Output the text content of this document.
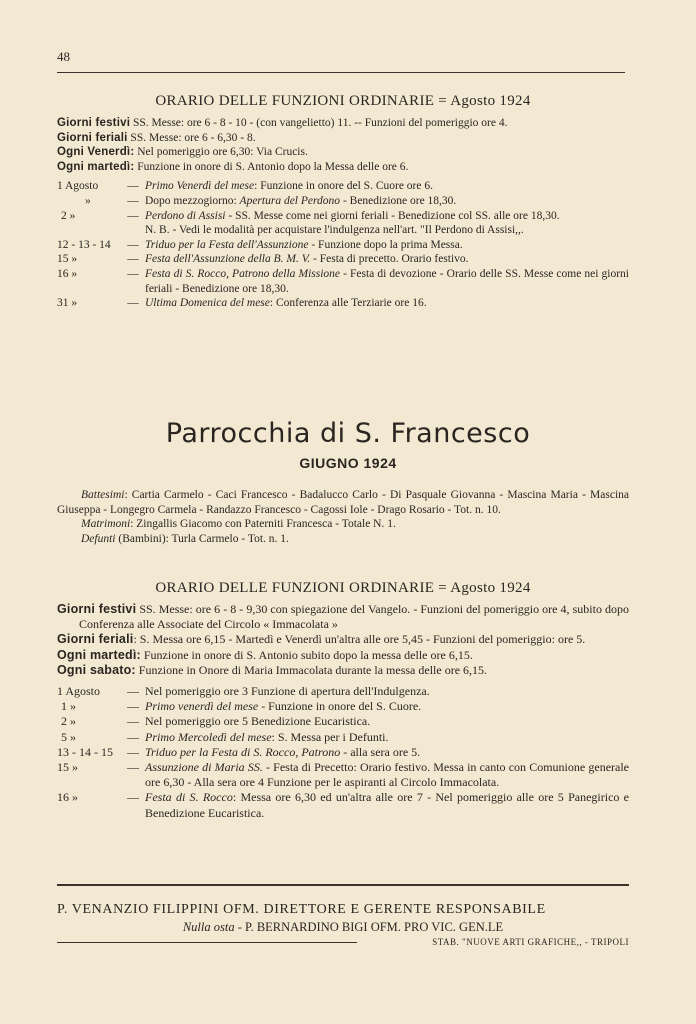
48
ORARIO DELLE FUNZIONI ORDINARIE = Agosto 1924

Giorni festivi SS. Messe: ore 6 - 8 - 10 - (con vangelietto) 11. -- Funzioni del pomeriggio ore 4.

Giorni feriali SS. Messe: ore 6 - 6,30 - 8.

Ogni Venerdì: Nel pomeriggio ore 6,30: Via Crucis.

Ogni martedì: Funzione in onore di S. Antonio dopo la Messa delle ore 6.

1 Agosto	—	Primo Venerdì del mese: Funzione in onore del S. Cuore ore 6.
»	—	Dopo mezzogiorno: Apertura del Perdono - Benedizione ore 18,30.
2 »	—	Perdono di Assisi - SS. Messe come nei giorni feriali - Benedizione col SS. alle ore 18,30.
		N. B. - Vedi le modalità per acquistare l'indulgenza nell'art. "Il Perdono di Assisi,,.
12 - 13 - 14	—	Triduo per la Festa dell'Assunzione - Funzione dopo la prima Messa.
15 »	—	Festa dell'Assunzione della B. M. V. - Festa di precetto. Orario festivo.
16 »	—	Festa di S. Rocco, Patrono della Missione - Festa di devozione - Orario delle SS. Messe come nei giorni feriali - Benedizione ore 18,30.
31 »	—	Ultima Domenica del mese: Conferenza alle Terziarie ore 16.
Parrocchia di S. Francesco
GIUGNO 1924

Battesimi: Cartia Carmelo - Caci Francesco - Badalucco Carlo - Di Pasquale Giovanna - Mascina Maria - Mascina Giuseppa - Longegro Carmela - Randazzo Francesco - Cagossi Iole - Drago Rosario - Tot. n. 10.

Matrimoni: Zingallis Giacomo con Paterniti Francesca - Totale N. 1.

Defunti (Bambini): Turla Carmelo - Tot. n. 1.

ORARIO DELLE FUNZIONI ORDINARIE = Agosto 1924

Giorni festivi SS. Messe: ore 6 - 8 - 9,30 con spiegazione del Vangelo. - Funzioni del pomeriggio ore 4, subito dopo Conferenza alle Associate del Circolo « Immacolata »

Giorni feriali: S. Messa ore 6,15 - Martedì e Venerdì un'altra alle ore 5,45 - Funzioni del pomeriggio: ore 5.

Ogni martedì: Funzione in onore di S. Antonio subito dopo la messa delle ore 6,15.

Ogni sabato: Funzione in Onore di Maria Immacolata durante la messa delle ore 6,15.

1 Agosto	—	Nel pomeriggio ore 3 Funzione di apertura dell'Indulgenza.
1 »	—	Primo venerdì del mese - Funzione in onore del S. Cuore.
2 »	—	Nel pomeriggio ore 5 Benedizione Eucaristica.
5 »	—	Primo Mercoledì del mese: S. Messa per i Defunti.
13 - 14 - 15	—	Triduo per la Festa di S. Rocco, Patrono - alla sera ore 5.
15 »	—	Assunzione di Maria SS. - Festa di Precetto: Orario festivo. Messa in canto con Comunione generale ore 6,30 - Alla sera ore 4 Funzione per le aspiranti al Circolo Immacolata.
16 »	—	Festa di S. Rocco: Messa ore 6,30 ed un'altra alle ore 7 - Nel pomeriggio alle ore 5 Panegirico e Benedizione Eucaristica.
P. VENANZIO FILIPPINI OFM. DIRETTORE E GERENTE RESPONSABILE
Nulla osta - P. BERNARDINO BIGI OFM. PRO VIC. GEN.LE
STAB. "NUOVE ARTI GRAFICHE,, - TRIPOLI
